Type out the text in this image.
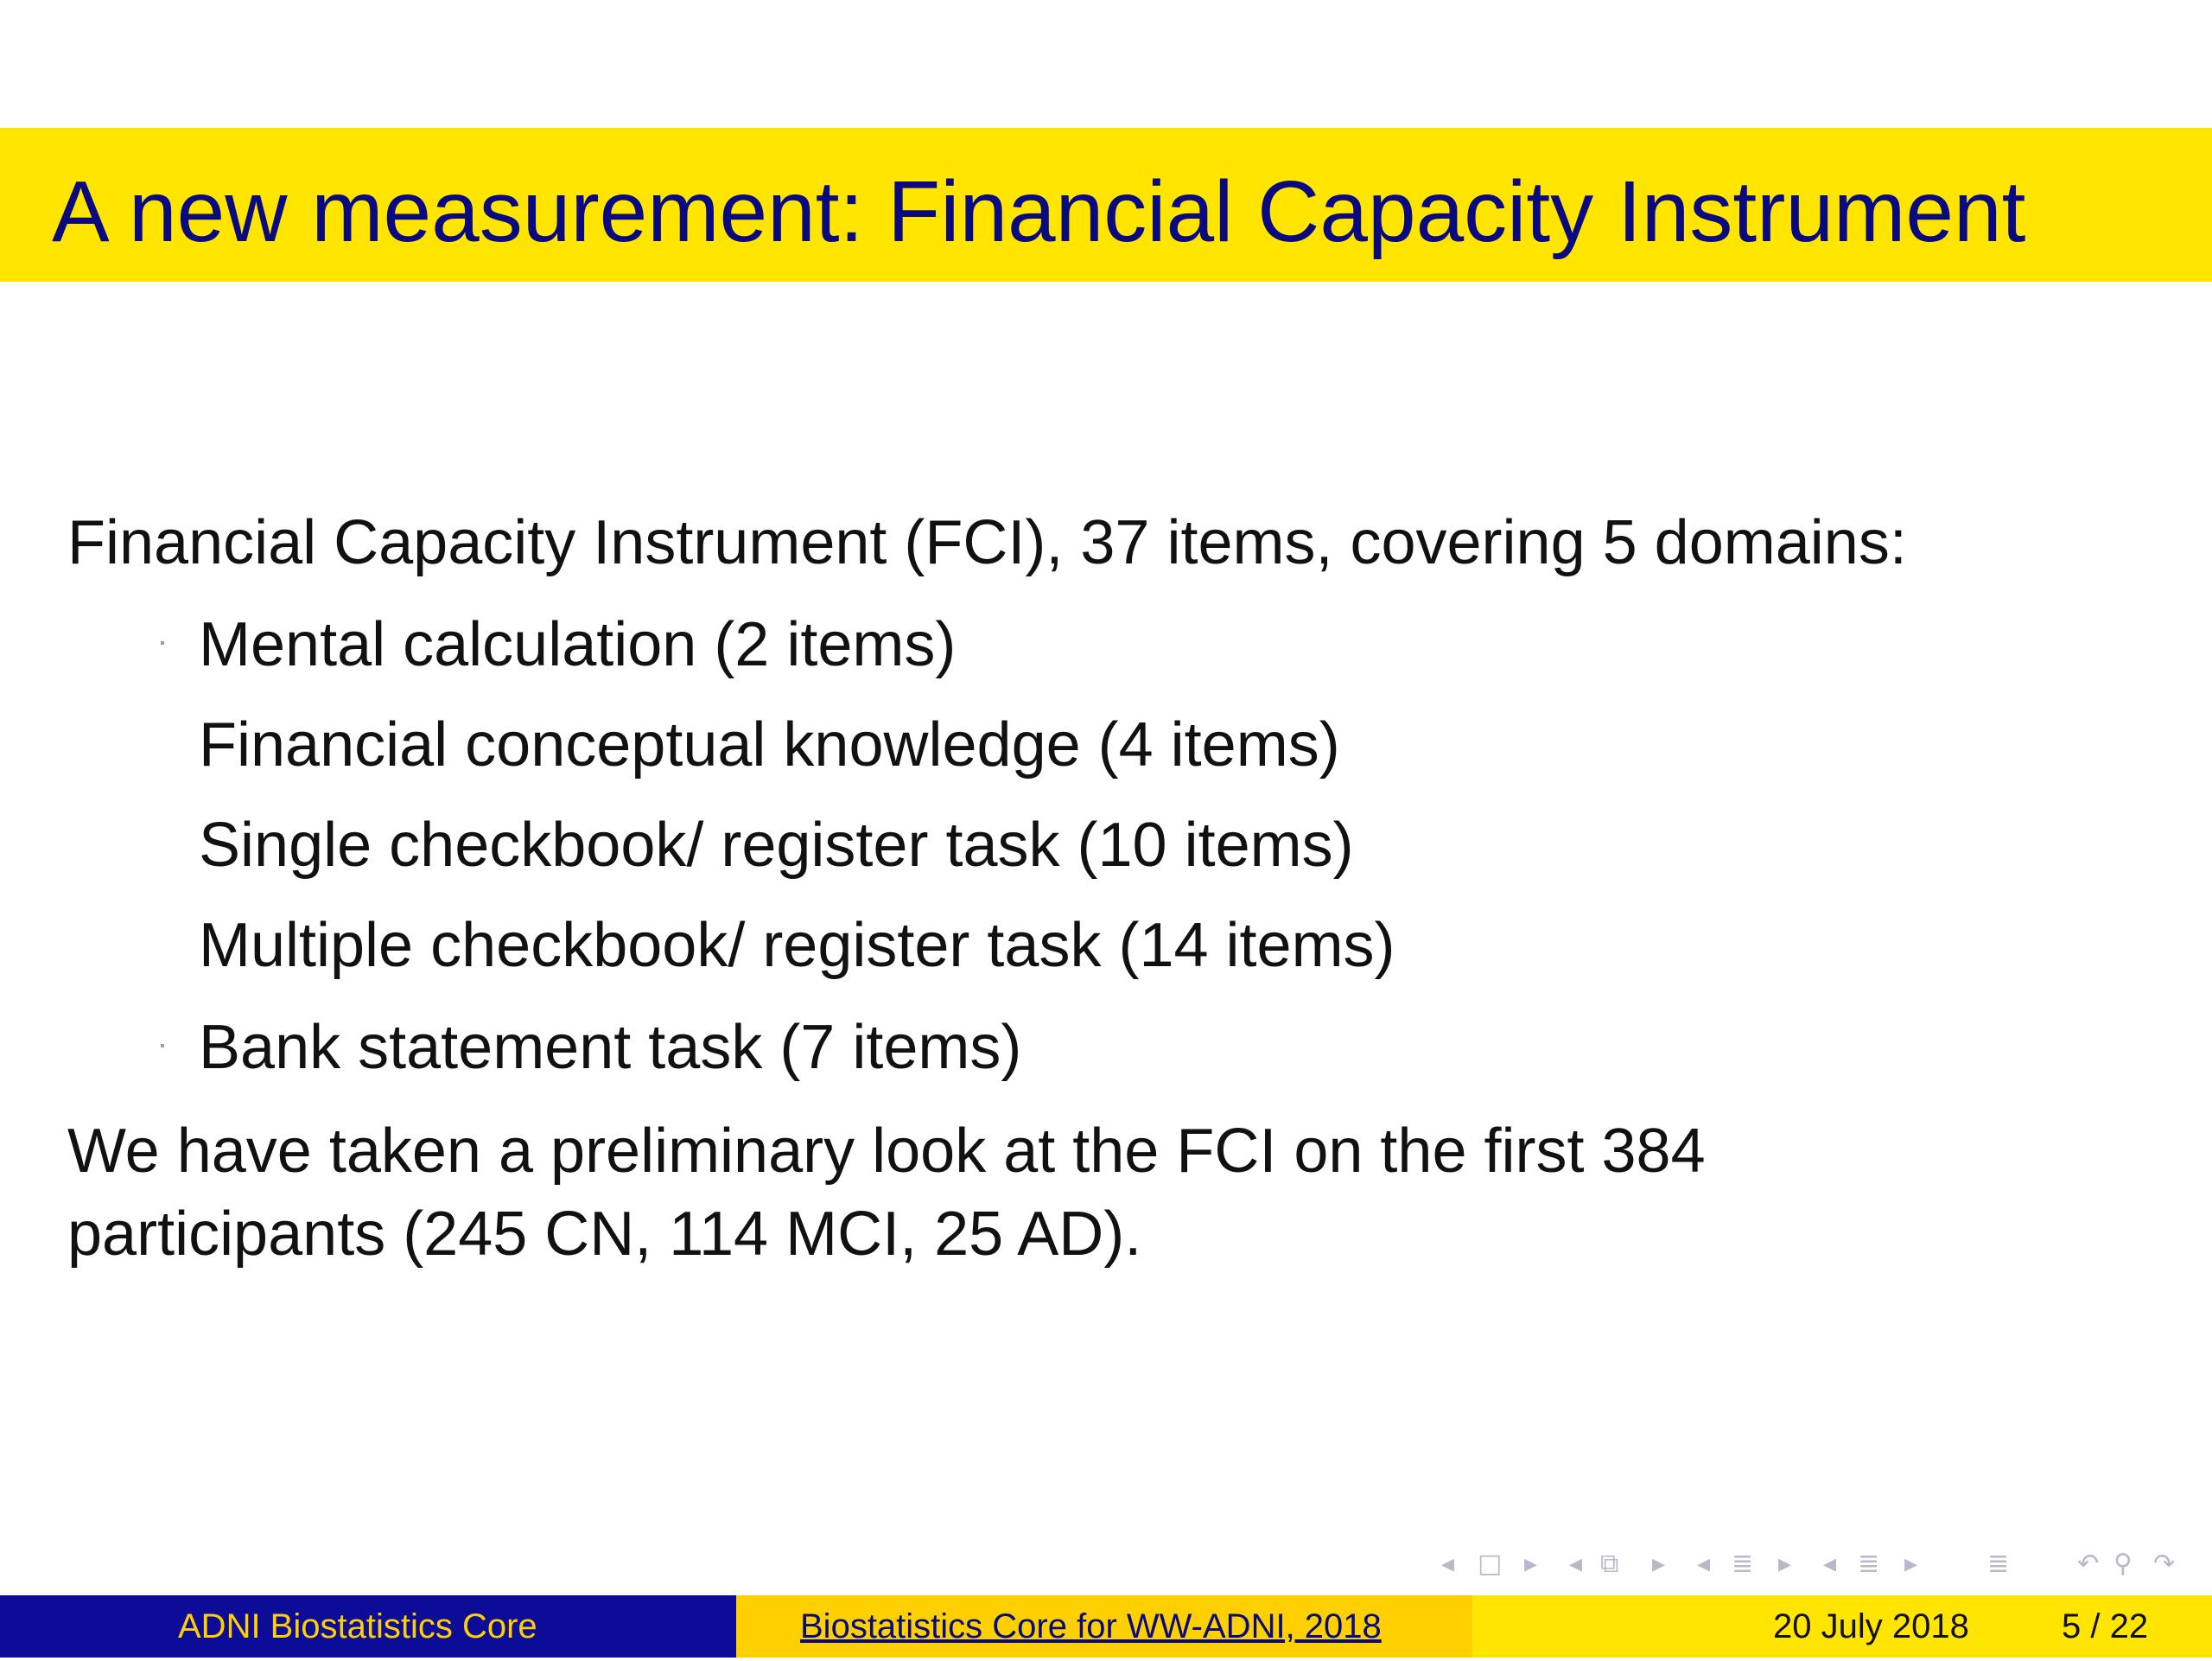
A new measurement: Financial Capacity Instrument
Financial Capacity Instrument (FCI), 37 items, covering 5 domains:
Mental calculation (2 items)
Financial conceptual knowledge (4 items)
Single checkbook/ register task (10 items)
Multiple checkbook/ register task (14 items)
Bank statement task (7 items)
We have taken a preliminary look at the FCI on the first 384
participants (245 CN, 114 MCI, 25 AD).
◂ □ ▸ ◂ ⧉ ▸ ◂ ≣ ▸ ◂ ≣ ▸	≣	↶ ⚲ ↷
ADNI Biostatistics Core	Biostatistics Core for WW-ADNI, 2018	20 July 2018	5 / 22
